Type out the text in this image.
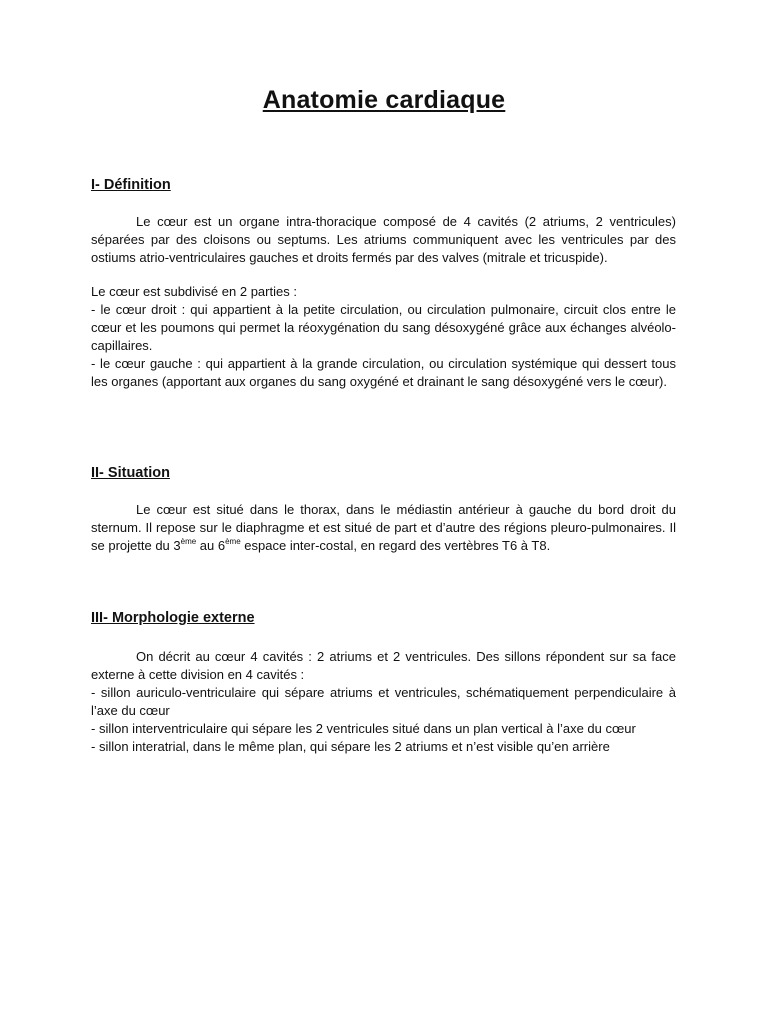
Anatomie cardiaque
I- Définition

Le cœur est un organe intra-thoracique composé de 4 cavités (2 atriums, 2 ventricules) séparées par des cloisons ou septums. Les atriums communiquent avec les ventricules par des ostiums atrio-ventriculaires gauches et droits fermés par des valves (mitrale et tricuspide).

Le cœur est subdivisé en 2 parties :

- le cœur droit : qui appartient à la petite circulation, ou circulation pulmonaire, circuit clos entre le cœur et les poumons qui permet la réoxygénation du sang désoxygéné grâce aux échanges alvéolo-capillaires.

- le cœur gauche : qui appartient à la grande circulation, ou circulation systémique qui dessert tous les organes (apportant aux organes du sang oxygéné et drainant le sang désoxygéné vers le cœur).

II- Situation

Le cœur est situé dans le thorax, dans le médiastin antérieur à gauche du bord droit du sternum. Il repose sur le diaphragme et est situé de part et d’autre des régions pleuro-pulmonaires. Il se projette du 3ème au 6ème espace inter-costal, en regard des vertèbres T6 à T8.

III- Morphologie externe

On décrit au cœur 4 cavités : 2 atriums et 2 ventricules. Des sillons répondent sur sa face externe à cette division en 4 cavités :

- sillon auriculo-ventriculaire qui sépare atriums et ventricules, schématiquement perpendiculaire à l’axe du cœur

- sillon interventriculaire qui sépare les 2 ventricules situé dans un plan vertical à l’axe du cœur

- sillon interatrial, dans le même plan, qui sépare les 2 atriums et n’est visible qu’en arrière
